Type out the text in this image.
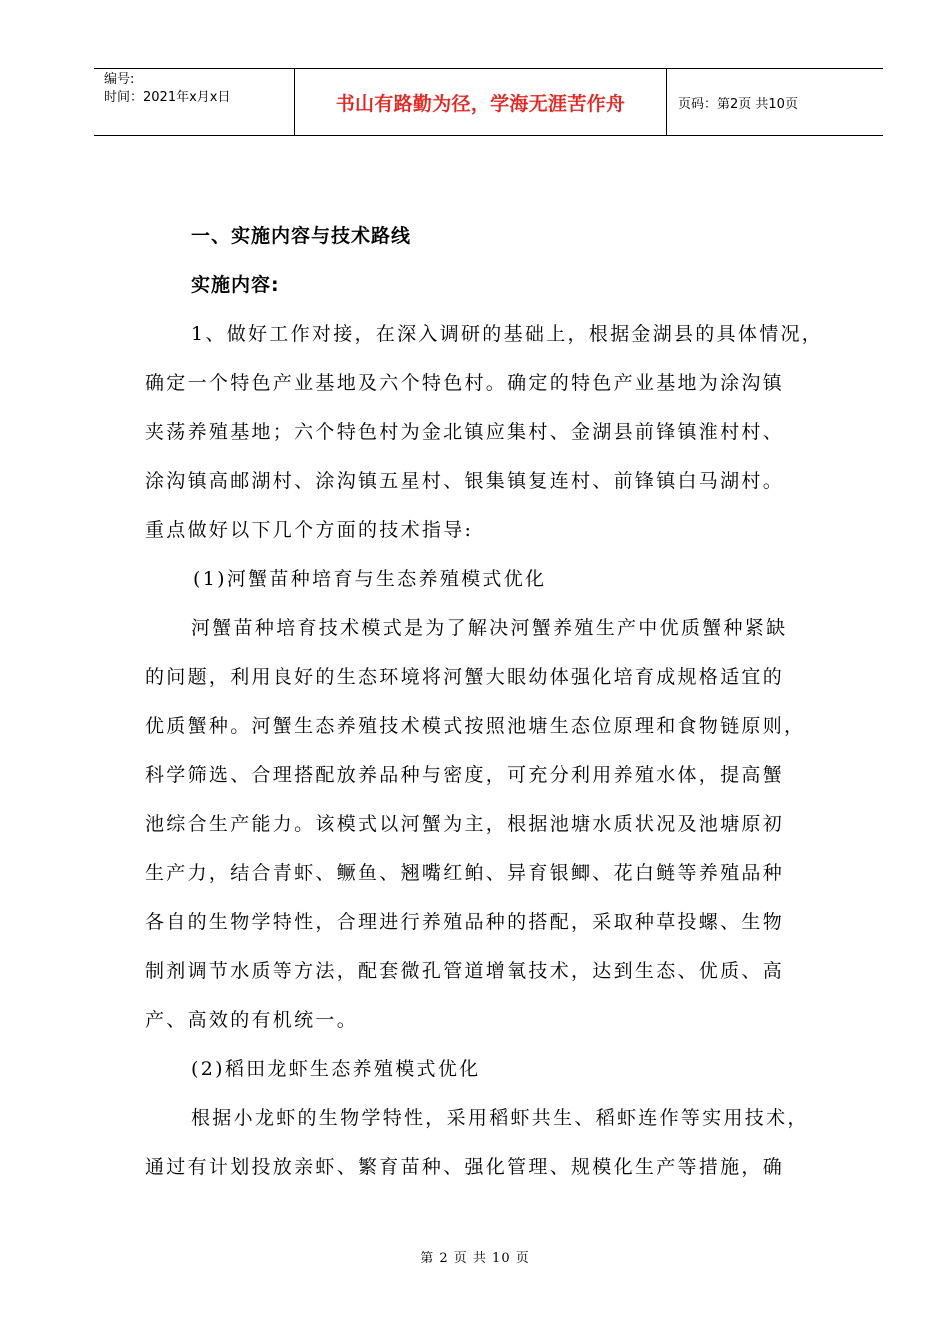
编号:
时间：2021年x月x日	书山有路勤为径，学海无涯苦作舟	页码：第2页 共10页
一、实施内容与技术路线
实施内容:
1、做好工作对接，在深入调研的基础上，根据金湖县的具体情况，
确定一个特色产业基地及六个特色村。确定的特色产业基地为涂沟镇
夹荡养殖基地；六个特色村为金北镇应集村、金湖县前锋镇淮村村、
涂沟镇高邮湖村、涂沟镇五星村、银集镇复连村、前锋镇白马湖村。
重点做好以下几个方面的技术指导:
(1)河蟹苗种培育与生态养殖模式优化
河蟹苗种培育技术模式是为了解决河蟹养殖生产中优质蟹种紧缺
的问题，利用良好的生态环境将河蟹大眼幼体强化培育成规格适宜的
优质蟹种。河蟹生态养殖技术模式按照池塘生态位原理和食物链原则，
科学筛选、合理搭配放养品种与密度，可充分利用养殖水体，提高蟹
池综合生产能力。该模式以河蟹为主，根据池塘水质状况及池塘原初
生产力，结合青虾、鳜鱼、翘嘴红鲌、异育银鲫、花白鲢等养殖品种
各自的生物学特性，合理进行养殖品种的搭配，采取种草投螺、生物
制剂调节水质等方法，配套微孔管道增氧技术，达到生态、优质、高
产、高效的有机统一。
(2)稻田龙虾生态养殖模式优化
根据小龙虾的生物学特性，采用稻虾共生、稻虾连作等实用技术，
通过有计划投放亲虾、繁育苗种、强化管理、规模化生产等措施，确
第 2 页 共 10 页
